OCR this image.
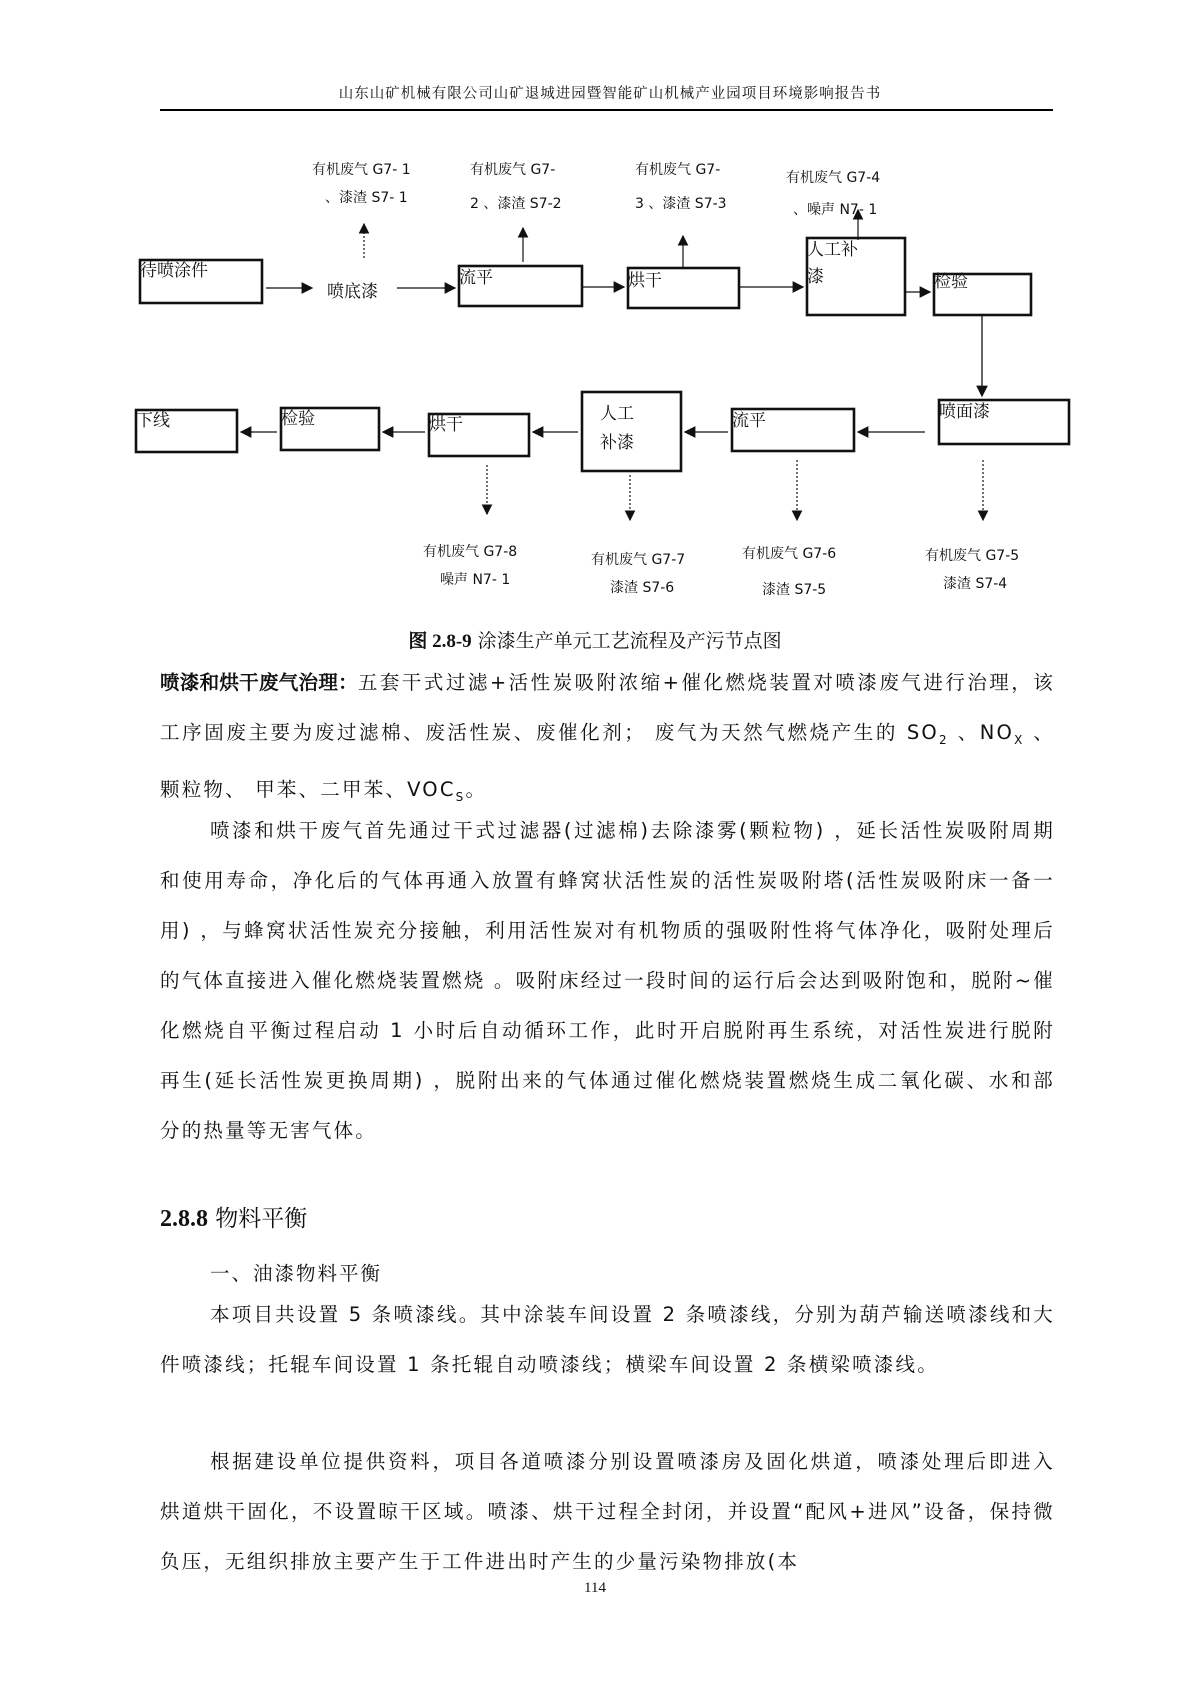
山东山矿机械有限公司山矿退城进园暨智能矿山机械产业园项目环境影响报告书
有机废气 G7- 1
、漆渣 S7- 1
有机废气 G7-
2 、漆渣 S7-2
有机废气 G7-
3 、漆渣 S7-3
有机废气 G7-4
、噪声 N7- 1
待喷涂件
喷底漆
流平	烘干
人工补
漆	检验
下线	检验	烘干
人工
补漆
流平	喷面漆
有机废气 G7-8
噪声 N7- 1
有机废气 G7-7
漆渣 S7-6
有机废气 G7-6
漆渣 S7-5
有机废气 G7-5
漆渣 S7-4
图 2.8-9 涂漆生产单元工艺流程及产污节点图
喷漆和烘干废气治理：五套干式过滤+活性炭吸附浓缩+催化燃烧装置对喷漆废气进行治理，该工序固废主要为废过滤棉、废活性炭、废催化剂； 废气为天然气燃烧产生的 $SO_2$ 、$NO_X$ 、颗粒物、 甲苯、二甲苯、$VOC_S$。
喷漆和烘干废气首先通过干式过滤器(过滤棉)去除漆雾(颗粒物) ，延长活性炭吸附周期和使用寿命，净化后的气体再通入放置有蜂窝状活性炭的活性炭吸附塔(活性炭吸附床一备一用) ，与蜂窝状活性炭充分接触，利用活性炭对有机物质的强吸附性将气体净化，吸附处理后的气体直接进入催化燃烧装置燃烧 。吸附床经过一段时间的运行后会达到吸附饱和，脱附~催化燃烧自平衡过程启动 1 小时后自动循环工作，此时开启脱附再生系统，对活性炭进行脱附再生(延长活性炭更换周期) ，脱附出来的气体通过催化燃烧装置燃烧生成二氧化碳、水和部分的热量等无害气体。
2.8.8 物料平衡
一、油漆物料平衡
本项目共设置 5 条喷漆线。其中涂装车间设置 2 条喷漆线，分别为葫芦输送喷漆线和大件喷漆线；托辊车间设置 1 条托辊自动喷漆线；横梁车间设置 2 条横梁喷漆线。
根据建设单位提供资料，项目各道喷漆分别设置喷漆房及固化烘道，喷漆处理后即进入烘道烘干固化，不设置晾干区域。喷漆、烘干过程全封闭，并设置“配风+进风”设备，保持微负压，无组织排放主要产生于工件进出时产生的少量污染物排放(本
114
